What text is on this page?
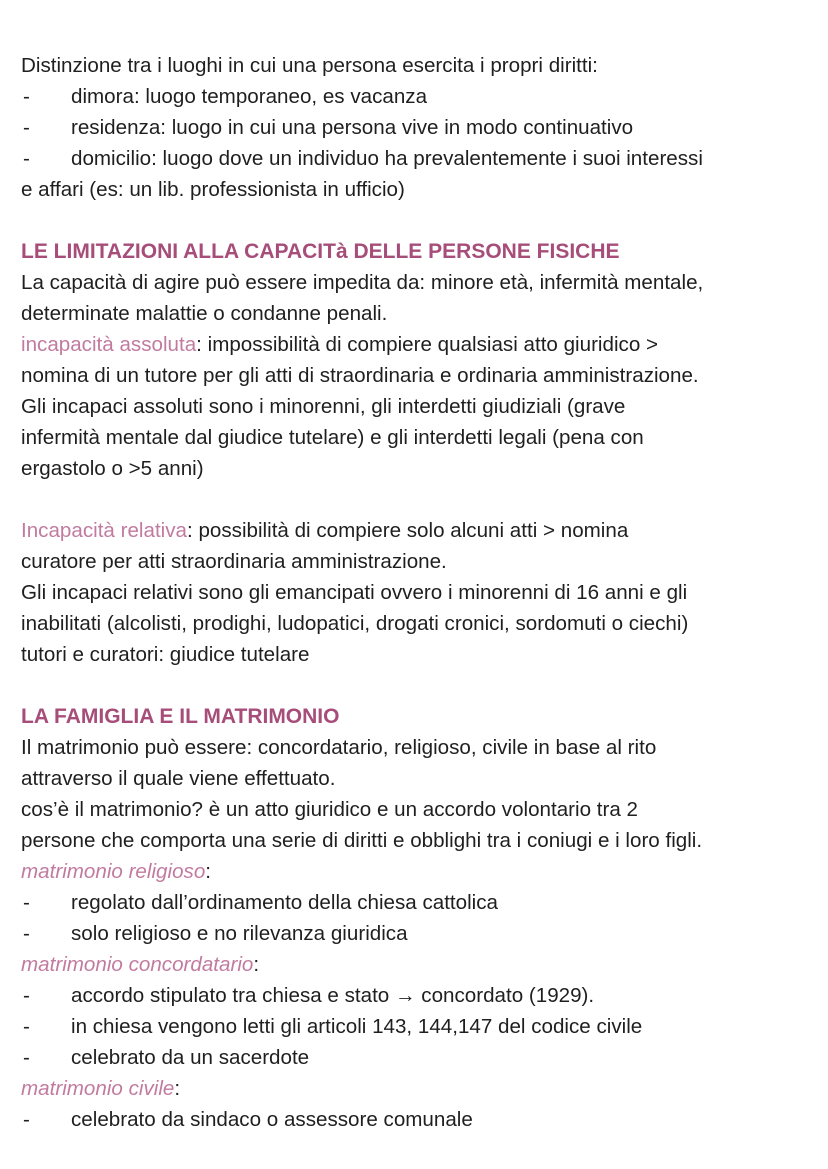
Distinzione tra i luoghi in cui una persona esercita i propri diritti:

- dimora: luogo temporaneo, es vacanza

- residenza: luogo in cui una persona vive in modo continuativo

- domicilio: luogo dove un individuo ha prevalentemente i suoi interessi

e affari (es: un lib. professionista in ufficio)

LE LIMITAZIONI ALLA CAPACITà DELLE PERSONE FISICHE

La capacità di agire può essere impedita da: minore età, infermità mentale,

determinate malattie o condanne penali.

incapacità assoluta: impossibilità di compiere qualsiasi atto giuridico >

nomina di un tutore per gli atti di straordinaria e ordinaria amministrazione.

Gli incapaci assoluti sono i minorenni, gli interdetti giudiziali (grave

infermità mentale dal giudice tutelare) e gli interdetti legali (pena con

ergastolo o >5 anni)

Incapacità relativa: possibilità di compiere solo alcuni atti > nomina

curatore per atti straordinaria amministrazione.

Gli incapaci relativi sono gli emancipati ovvero i minorenni di 16 anni e gli

inabilitati (alcolisti, prodighi, ludopatici, drogati cronici, sordomuti o ciechi)

tutori e curatori: giudice tutelare

LA FAMIGLIA E IL MATRIMONIO

Il matrimonio può essere: concordatario, religioso, civile in base al rito

attraverso il quale viene effettuato.

cos’è il matrimonio? è un atto giuridico e un accordo volontario tra 2

persone che comporta una serie di diritti e obblighi tra i coniugi e i loro figli.

matrimonio religioso:

- regolato dall’ordinamento della chiesa cattolica

- solo religioso e no rilevanza giuridica

matrimonio concordatario:

- accordo stipulato tra chiesa e stato → concordato (1929).

- in chiesa vengono letti gli articoli 143, 144,147 del codice civile

- celebrato da un sacerdote

matrimonio civile:

- celebrato da sindaco o assessore comunale
